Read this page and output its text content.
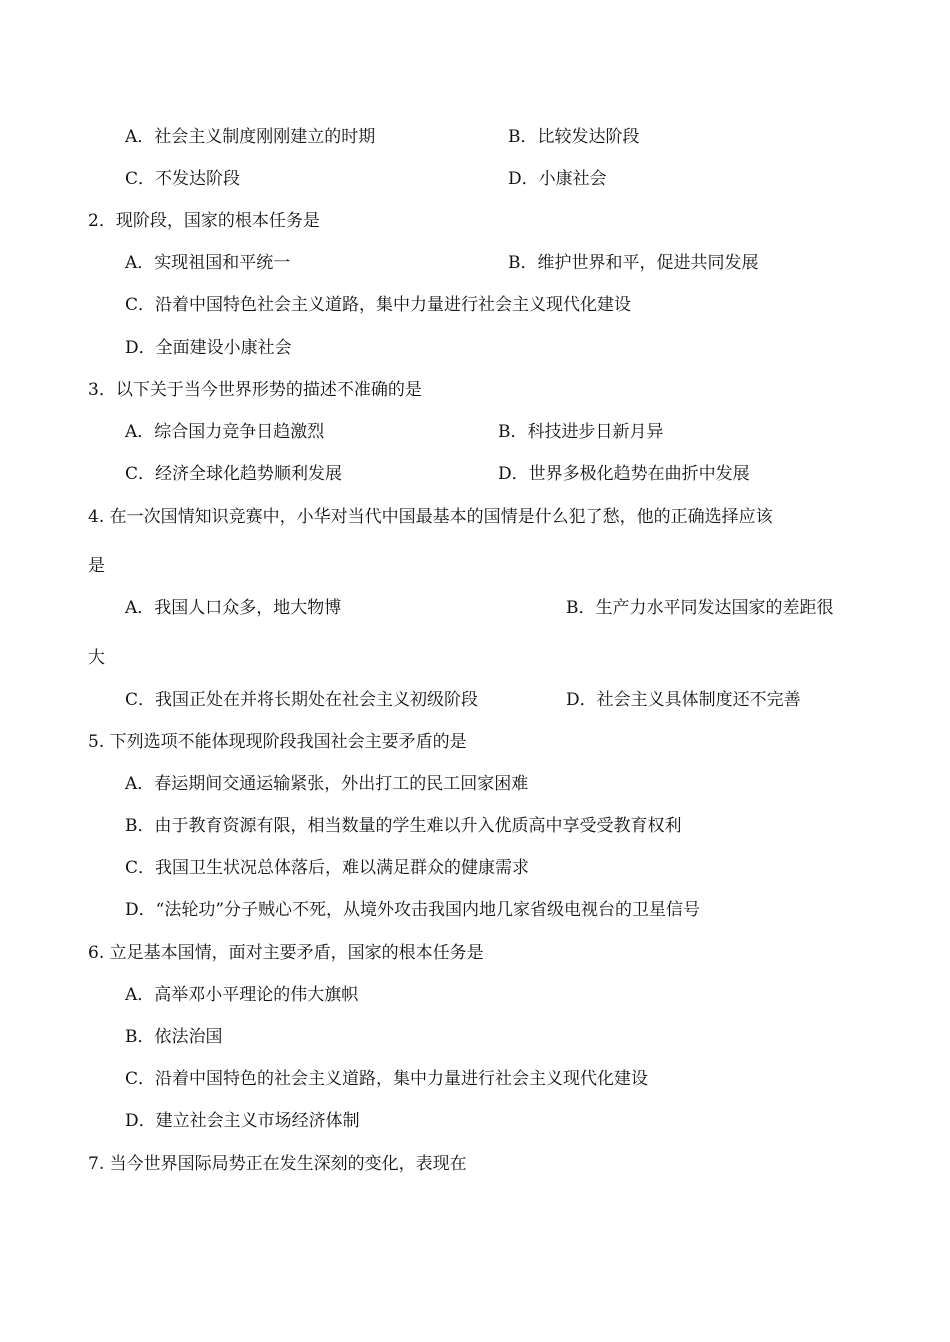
A．社会主义制度刚刚建立的时期	B．比较发达阶段
C．不发达阶段	D．小康社会
2．现阶段，国家的根本任务是
A．实现祖国和平统一	B．维护世界和平，促进共同发展
C．沿着中国特色社会主义道路，集中力量进行社会主义现代化建设
D．全面建设小康社会
3．以下关于当今世界形势的描述不准确的是
A．综合国力竞争日趋激烈	B．科技进步日新月异
C．经济全球化趋势顺利发展	D．世界多极化趋势在曲折中发展
4. 在一次国情知识竞赛中，小华对当代中国最基本的国情是什么犯了愁，他的正确选择应该
是
A．我国人口众多，地大物博	B．生产力水平同发达国家的差距很
大
C．我国正处在并将长期处在社会主义初级阶段	D．社会主义具体制度还不完善
5. 下列选项不能体现现阶段我国社会主要矛盾的是
A．春运期间交通运输紧张，外出打工的民工回家困难
B．由于教育资源有限，相当数量的学生难以升入优质高中享受受教育权利
C．我国卫生状况总体落后，难以满足群众的健康需求
D．“法轮功”分子贼心不死，从境外攻击我国内地几家省级电视台的卫星信号
6. 立足基本国情，面对主要矛盾，国家的根本任务是
A．高举邓小平理论的伟大旗帜
B．依法治国
C．沿着中国特色的社会主义道路，集中力量进行社会主义现代化建设
D．建立社会主义市场经济体制
7. 当今世界国际局势正在发生深刻的变化，表现在
